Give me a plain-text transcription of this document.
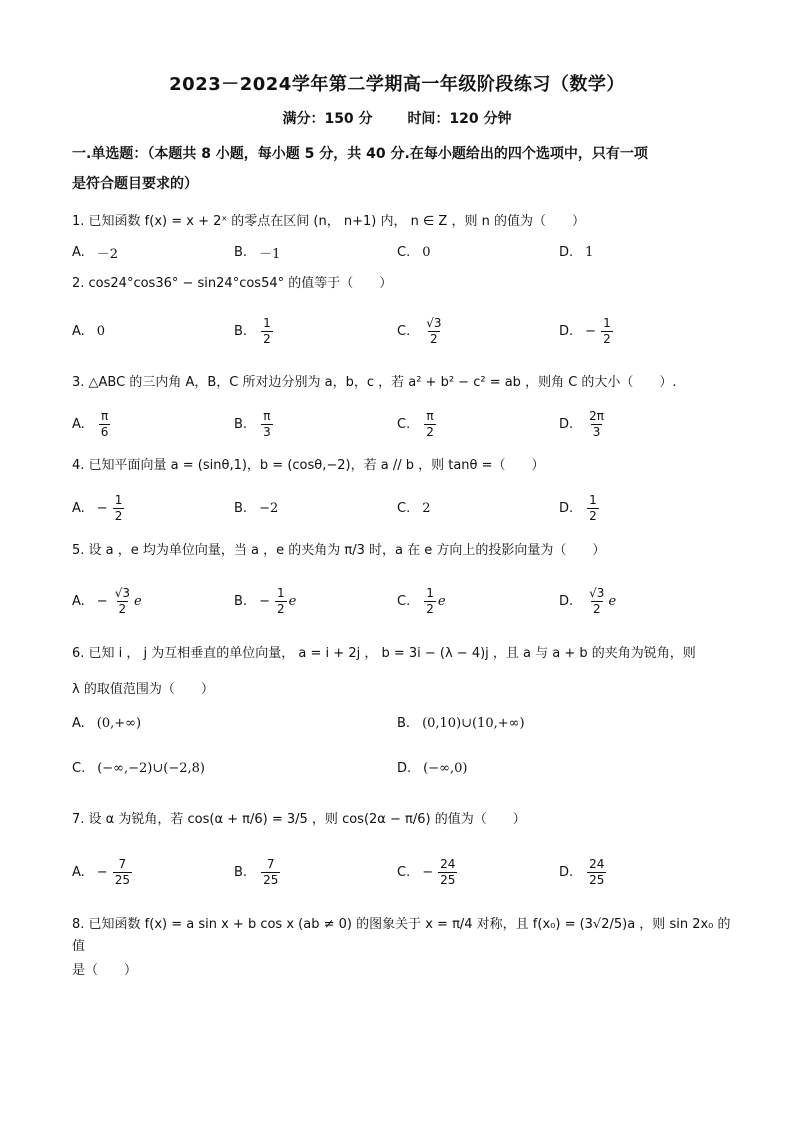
2023－2024学年第二学期高一年级阶段练习（数学）
满分：150 分 时间：120 分钟
一.单选题：（本题共 8 小题，每小题 5 分，共 40 分.在每小题给出的四个选项中，只有一项
是符合题目要求的）
1. 已知函数 f(x) = x + 2ˣ 的零点在区间 (n， n+1) 内， n ∈ Z ，则 n 的值为（　　）
A. －2	B. －1	C. 0	D. 1
2. cos24°cos36° − sin24°cos54° 的值等于（　　）
A. 0	B. $\frac{1}{2}$	C. $\frac{√3}{2}$	D. − $\frac{1}{2}$
3. △ABC 的三内角 A，B，C 所对边分别为 a，b，c ，若 a² + b² − c² = ab ，则角 C 的大小（　　）.
A. $\frac{\pi}{6}$	B. $\frac{\pi}{3}$	C. $\frac{\pi}{2}$	D. $\frac{2\pi}{3}$
4. 已知平面向量 a = (sinθ,1)，b = (cosθ,−2)，若 a // b ，则 tanθ =（　　）
A. − $\frac{1}{2}$	B. −2	C. 2	D. $\frac{1}{2}$
5. 设 a ，e 均为单位向量，当 a ，e 的夹角为 π/3 时，a 在 e 方向上的投影向量为（　　）
A. − $\frac{√3}{2}$ e	B. − $\frac{1}{2}$ e	C. $\frac{1}{2}$ e	D. $\frac{√3}{2}$ e
6. 已知 i ， j 为互相垂直的单位向量， a = i + 2j ， b = 3i − (λ − 4)j ，且 a 与 a + b 的夹角为锐角，则
λ 的取值范围为（　　）
A. (0,+∞)	B. (0,10)∪(10,+∞)
C. (−∞,−2)∪(−2,8)	D. (−∞,0)
7. 设 α 为锐角，若 cos(α + π/6) = 3/5 ，则 cos(2α − π/6) 的值为（　　）
A. − $\frac{7}{25}$	B. $\frac{7}{25}$	C. − $\frac{24}{25}$	D. $\frac{24}{25}$
8. 已知函数 f(x) = a sin x + b cos x (ab ≠ 0) 的图象关于 x = π/4 对称，且 f(x₀) = (3√2/5)a ，则 sin 2x₀ 的值
是（　　）
